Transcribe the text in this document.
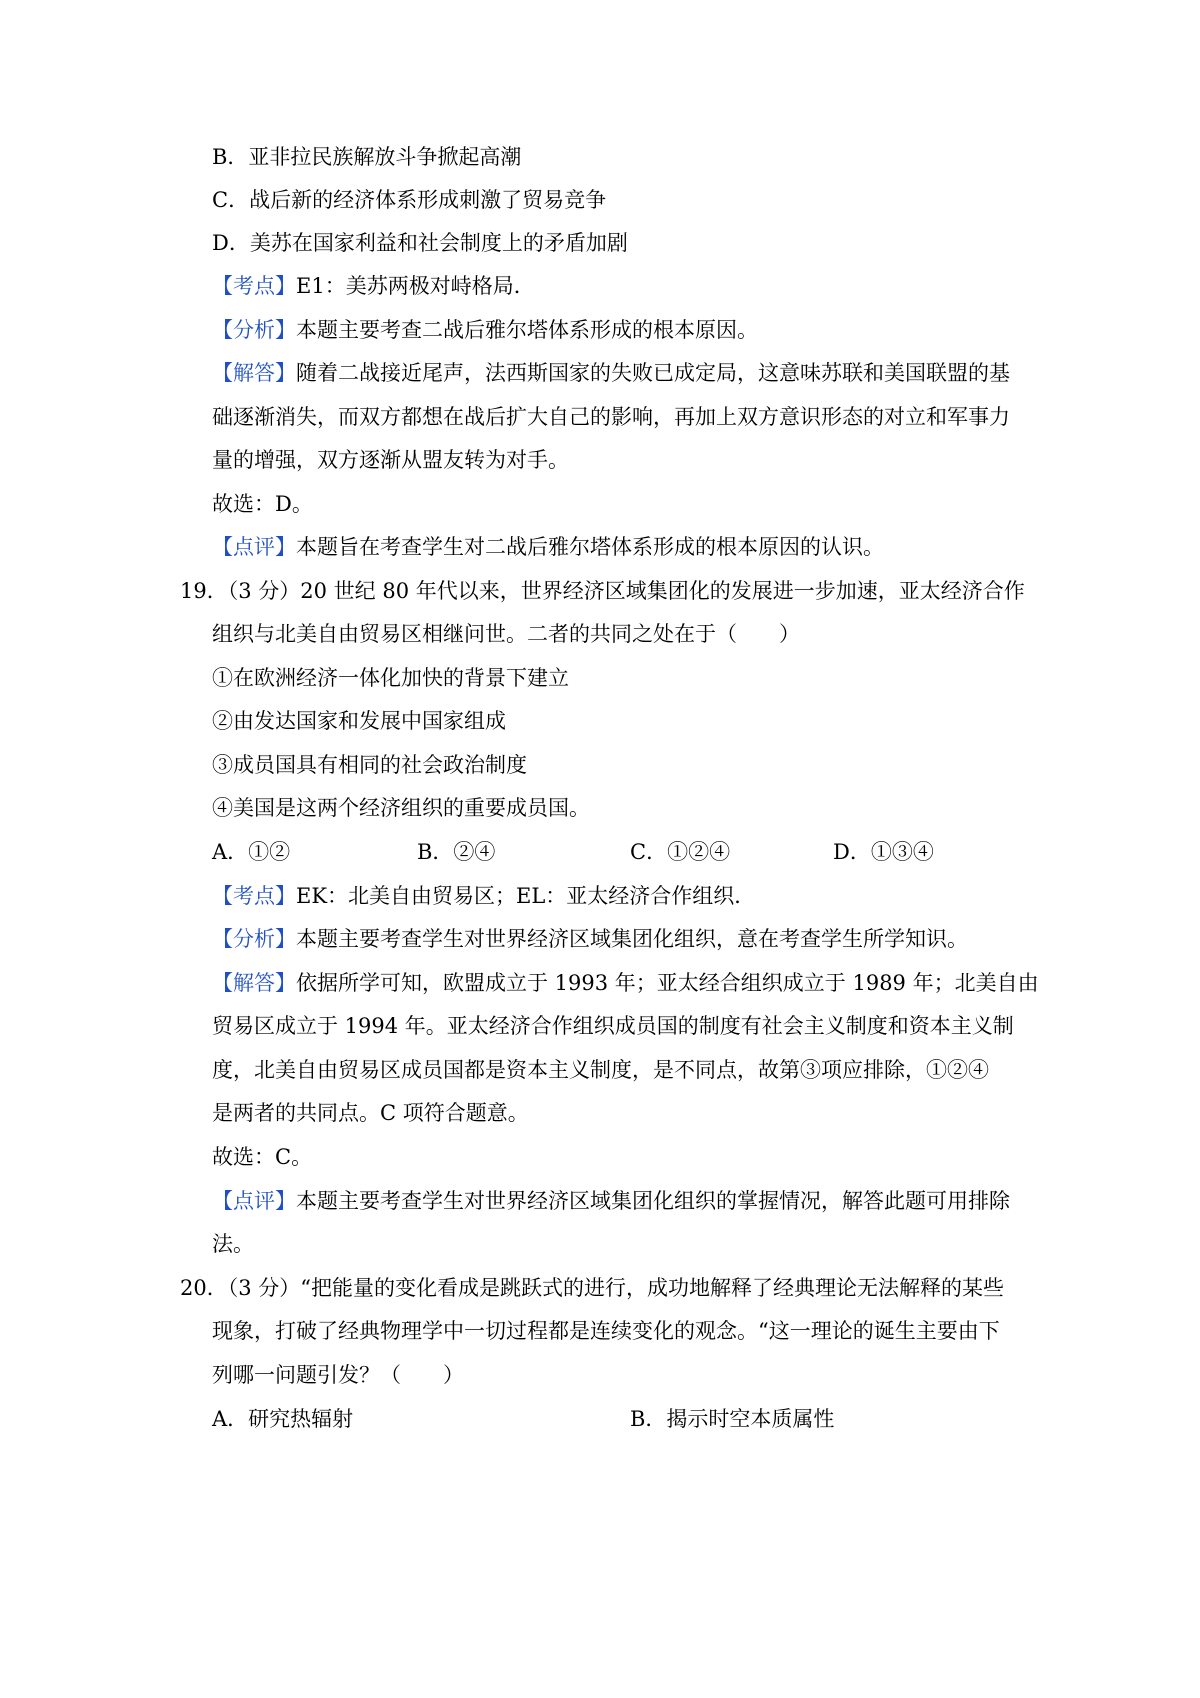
B．亚非拉民族解放斗争掀起高潮
C．战后新的经济体系形成刺激了贸易竞争
D．美苏在国家利益和社会制度上的矛盾加剧
【考点】E1：美苏两极对峙格局．
【分析】本题主要考查二战后雅尔塔体系形成的根本原因。
【解答】随着二战接近尾声，法西斯国家的失败已成定局，这意味苏联和美国联盟的基
础逐渐消失，而双方都想在战后扩大自己的影响，再加上双方意识形态的对立和军事力
量的增强，双方逐渐从盟友转为对手。
故选：D。
【点评】本题旨在考查学生对二战后雅尔塔体系形成的根本原因的认识。
19．（3 分）20 世纪 80 年代以来，世界经济区域集团化的发展进一步加速，亚太经济合作
组织与北美自由贸易区相继问世。二者的共同之处在于（　　）
①在欧洲经济一体化加快的背景下建立
②由发达国家和发展中国家组成
③成员国具有相同的社会政治制度
④美国是这两个经济组织的重要成员国。
A．①②	B．②④	C．①②④	D．①③④
【考点】EK：北美自由贸易区；EL：亚太经济合作组织．
【分析】本题主要考查学生对世界经济区域集团化组织，意在考查学生所学知识。
【解答】依据所学可知，欧盟成立于 1993 年；亚太经合组织成立于 1989 年；北美自由
贸易区成立于 1994 年。亚太经济合作组织成员国的制度有社会主义制度和资本主义制
度，北美自由贸易区成员国都是资本主义制度，是不同点，故第③项应排除，①②④
是两者的共同点。C 项符合题意。
故选：C。
【点评】本题主要考查学生对世界经济区域集团化组织的掌握情况，解答此题可用排除
法。
20．（3 分）“把能量的变化看成是跳跃式的进行，成功地解释了经典理论无法解释的某些
现象，打破了经典物理学中一切过程都是连续变化的观念。“这一理论的诞生主要由下
列哪一问题引发？（　　）
A．研究热辐射	B．揭示时空本质属性
